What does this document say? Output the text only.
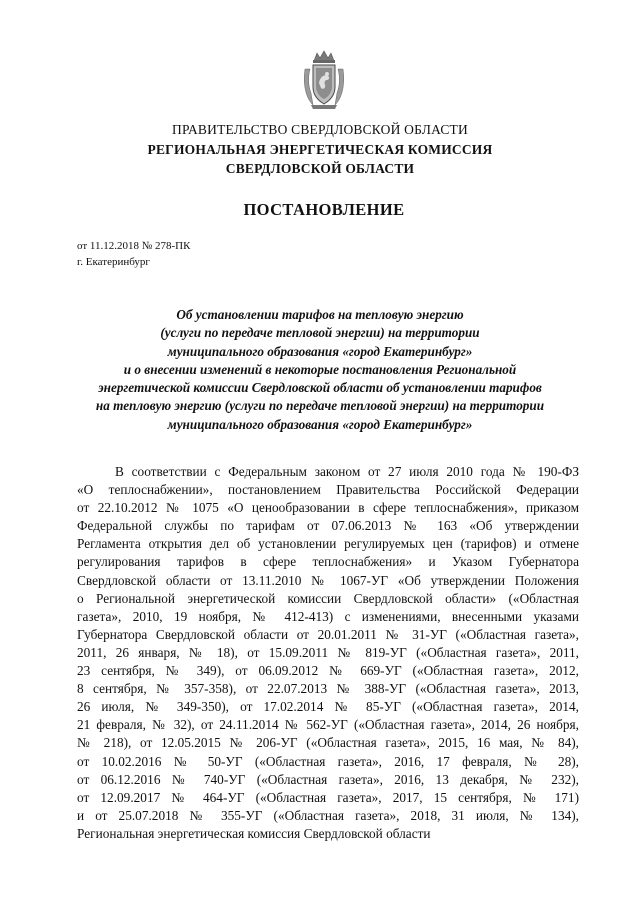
ПРАВИТЕЛЬСТВО СВЕРДЛОВСКОЙ ОБЛАСТИ
РЕГИОНАЛЬНАЯ ЭНЕРГЕТИЧЕСКАЯ КОМИССИЯ
СВЕРДЛОВСКОЙ ОБЛАСТИ
ПОСТАНОВЛЕНИЕ
от 11.12.2018 № 278-ПК
г. Екатеринбург
Об установлении тарифов на тепловую энергию
(услуги по передаче тепловой энергии) на территории
муниципального образования «город Екатеринбург»
и о внесении изменений в некоторые постановления Региональной
энергетической комиссии Свердловской области об установлении тарифов
на тепловую энергию (услуги по передаче тепловой энергии) на территории
муниципального образования «город Екатеринбург»
В соответствии с Федеральным законом от 27 июля 2010 года № 190-ФЗ
«О теплоснабжении», постановлением Правительства Российской Федерации
от 22.10.2012 № 1075 «О ценообразовании в сфере теплоснабжения», приказом
Федеральной службы по тарифам от 07.06.2013 № 163 «Об утверждении
Регламента открытия дел об установлении регулируемых цен (тарифов) и отмене
регулирования тарифов в сфере теплоснабжения» и Указом Губернатора
Свердловской области от 13.11.2010 № 1067-УГ «Об утверждении Положения
о Региональной энергетической комиссии Свердловской области» («Областная
газета», 2010, 19 ноября, № 412-413) с изменениями, внесенными указами
Губернатора Свердловской области от 20.01.2011 № 31-УГ («Областная газета»,
2011, 26 января, № 18), от 15.09.2011 № 819-УГ («Областная газета», 2011,
23 сентября, № 349), от 06.09.2012 № 669-УГ («Областная газета», 2012,
8 сентября, № 357-358), от 22.07.2013 № 388-УГ («Областная газета», 2013,
26 июля, № 349-350), от 17.02.2014 № 85-УГ («Областная газета», 2014,
21 февраля, № 32), от 24.11.2014 № 562-УГ («Областная газета», 2014, 26 ноября,
№ 218), от 12.05.2015 № 206-УГ («Областная газета», 2015, 16 мая, № 84),
от 10.02.2016 № 50-УГ («Областная газета», 2016, 17 февраля, № 28),
от 06.12.2016 № 740-УГ («Областная газета», 2016, 13 декабря, № 232),
от 12.09.2017 № 464-УГ («Областная газета», 2017, 15 сентября, № 171)
и от 25.07.2018 № 355-УГ («Областная газета», 2018, 31 июля, № 134),
Региональная энергетическая комиссия Свердловской области
